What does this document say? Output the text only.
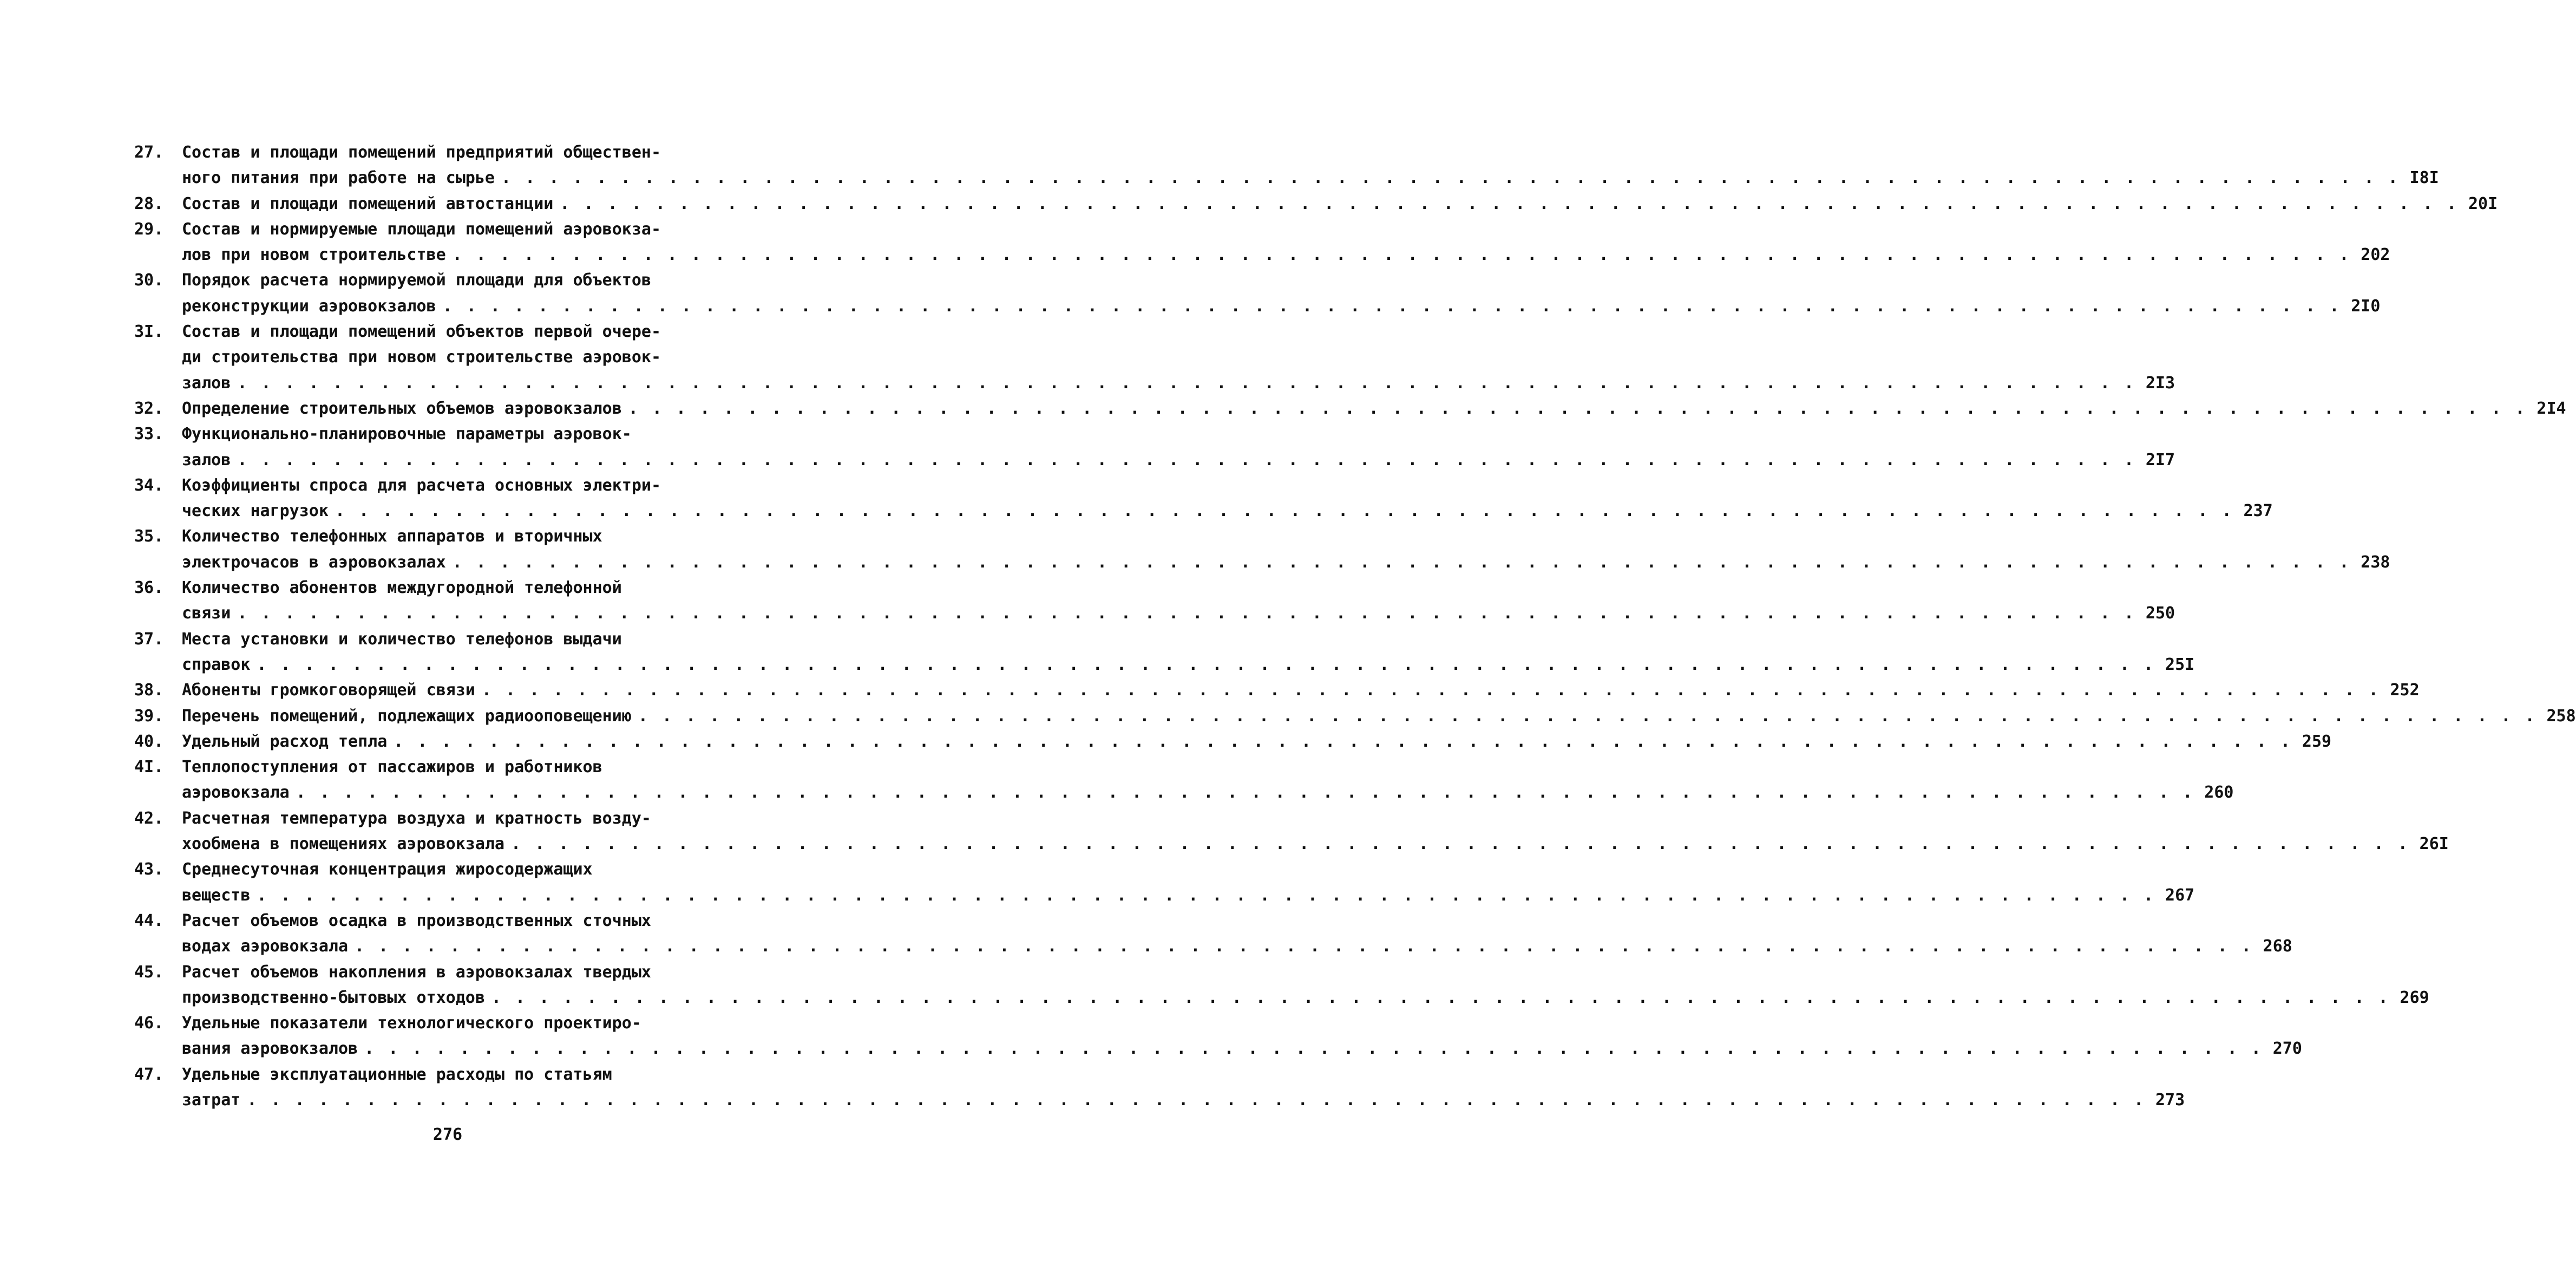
27.	Состав и площади помещений предприятий обществен-
ного питания при работе на сырье . . . . . . . . . . . . . . . . . . . . . . . . . . . . . . . . . . . . . . . . . . . . . . . . . . . . . . . . . . . . . . . . . . . . . . . . . . . . . . . . I8I
28.	Состав и площади помещений автостанции . . . . . . . . . . . . . . . . . . . . . . . . . . . . . . . . . . . . . . . . . . . . . . . . . . . . . . . . . . . . . . . . . . . . . . . . . . . . . . . . 20I
29.	Состав и нормируемые площади помещений аэровокза-
лов при новом строительстве . . . . . . . . . . . . . . . . . . . . . . . . . . . . . . . . . . . . . . . . . . . . . . . . . . . . . . . . . . . . . . . . . . . . . . . . . . . . . . . . 202
30.	Порядок расчета нормируемой площади для объектов
реконструкции аэровокзалов . . . . . . . . . . . . . . . . . . . . . . . . . . . . . . . . . . . . . . . . . . . . . . . . . . . . . . . . . . . . . . . . . . . . . . . . . . . . . . . . 2I0
3I.	Состав и площади помещений объектов первой очере-
ди строительства при новом строительстве аэровок-
залов . . . . . . . . . . . . . . . . . . . . . . . . . . . . . . . . . . . . . . . . . . . . . . . . . . . . . . . . . . . . . . . . . . . . . . . . . . . . . . . . 2I3
32.	Определение строительных объемов аэровокзалов . . . . . . . . . . . . . . . . . . . . . . . . . . . . . . . . . . . . . . . . . . . . . . . . . . . . . . . . . . . . . . . . . . . . . . . . . . . . . . . . 2I4
33.	Функционально-планировочные параметры аэровок-
залов . . . . . . . . . . . . . . . . . . . . . . . . . . . . . . . . . . . . . . . . . . . . . . . . . . . . . . . . . . . . . . . . . . . . . . . . . . . . . . . . 2I7
34.	Коэффициенты спроса для расчета основных электри-
ческих нагрузок . . . . . . . . . . . . . . . . . . . . . . . . . . . . . . . . . . . . . . . . . . . . . . . . . . . . . . . . . . . . . . . . . . . . . . . . . . . . . . . . 237
35.	Количество телефонных аппаратов и вторичных
электрочасов в аэровокзалах . . . . . . . . . . . . . . . . . . . . . . . . . . . . . . . . . . . . . . . . . . . . . . . . . . . . . . . . . . . . . . . . . . . . . . . . . . . . . . . . 238
36.	Количество абонентов междугородной телефонной
связи . . . . . . . . . . . . . . . . . . . . . . . . . . . . . . . . . . . . . . . . . . . . . . . . . . . . . . . . . . . . . . . . . . . . . . . . . . . . . . . . 250
37.	Места установки и количество телефонов выдачи
справок . . . . . . . . . . . . . . . . . . . . . . . . . . . . . . . . . . . . . . . . . . . . . . . . . . . . . . . . . . . . . . . . . . . . . . . . . . . . . . . . 25I
38.	Абоненты громкоговорящей связи . . . . . . . . . . . . . . . . . . . . . . . . . . . . . . . . . . . . . . . . . . . . . . . . . . . . . . . . . . . . . . . . . . . . . . . . . . . . . . . . 252
39.	Перечень помещений, подлежащих радиооповещению . . . . . . . . . . . . . . . . . . . . . . . . . . . . . . . . . . . . . . . . . . . . . . . . . . . . . . . . . . . . . . . . . . . . . . . . . . . . . . . . 258
40.	Удельный расход тепла . . . . . . . . . . . . . . . . . . . . . . . . . . . . . . . . . . . . . . . . . . . . . . . . . . . . . . . . . . . . . . . . . . . . . . . . . . . . . . . . 259
4I.	Теплопоступления от пассажиров и работников
аэровокзала . . . . . . . . . . . . . . . . . . . . . . . . . . . . . . . . . . . . . . . . . . . . . . . . . . . . . . . . . . . . . . . . . . . . . . . . . . . . . . . . 260
42.	Расчетная температура воздуха и кратность возду-
хообмена в помещениях аэровокзала . . . . . . . . . . . . . . . . . . . . . . . . . . . . . . . . . . . . . . . . . . . . . . . . . . . . . . . . . . . . . . . . . . . . . . . . . . . . . . . . 26I
43.	Среднесуточная концентрация жиросодержащих
веществ . . . . . . . . . . . . . . . . . . . . . . . . . . . . . . . . . . . . . . . . . . . . . . . . . . . . . . . . . . . . . . . . . . . . . . . . . . . . . . . . 267
44.	Расчет объемов осадка в производственных сточных
водах аэровокзала . . . . . . . . . . . . . . . . . . . . . . . . . . . . . . . . . . . . . . . . . . . . . . . . . . . . . . . . . . . . . . . . . . . . . . . . . . . . . . . . 268
45.	Расчет объемов накопления в аэровокзалах твердых
производственно-бытовых отходов . . . . . . . . . . . . . . . . . . . . . . . . . . . . . . . . . . . . . . . . . . . . . . . . . . . . . . . . . . . . . . . . . . . . . . . . . . . . . . . . 269
46.	Удельные показатели технологического проектиро-
вания аэровокзалов . . . . . . . . . . . . . . . . . . . . . . . . . . . . . . . . . . . . . . . . . . . . . . . . . . . . . . . . . . . . . . . . . . . . . . . . . . . . . . . . 270
47.	Удельные эксплуатационные расходы по статьям
затрат . . . . . . . . . . . . . . . . . . . . . . . . . . . . . . . . . . . . . . . . . . . . . . . . . . . . . . . . . . . . . . . . . . . . . . . . . . . . . . . . 273
276
